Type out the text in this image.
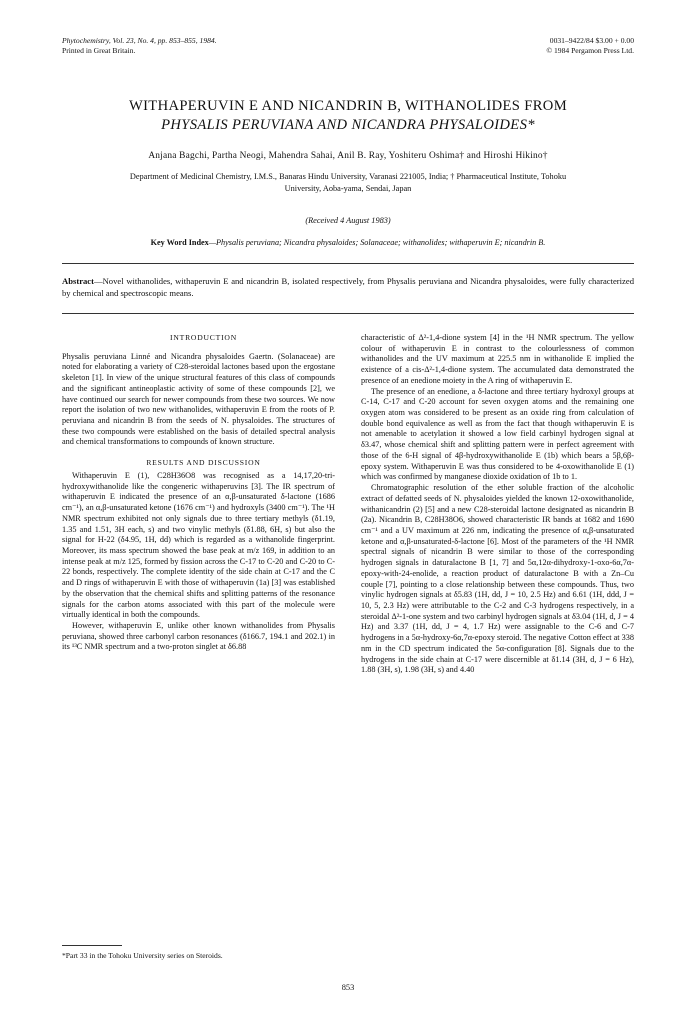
Phytochemistry, Vol. 23, No. 4, pp. 853–855, 1984.
Printed in Great Britain.
0031–9422/84 $3.00 + 0.00
© 1984 Pergamon Press Ltd.
WITHAPERUVIN E AND NICANDRIN B, WITHANOLIDES FROM
PHYSALIS PERUVIANA AND NICANDRA PHYSALOIDES*
Anjana Bagchi, Partha Neogi, Mahendra Sahai, Anil B. Ray, Yoshiteru Oshima† and Hiroshi Hikino†
Department of Medicinal Chemistry, I.M.S., Banaras Hindu University, Varanasi 221005, India; † Pharmaceutical Institute, Tohoku
University, Aoba-yama, Sendai, Japan
(Received 4 August 1983)
Key Word Index—Physalis peruviana; Nicandra physaloides; Solanaceae; withanolides; withaperuvin E; nicandrin B.
Abstract—Novel withanolides, withaperuvin E and nicandrin B, isolated respectively, from Physalis peruviana and Nicandra physaloides, were fully characterized by chemical and spectroscopic means.

INTRODUCTION

Physalis peruviana Linné and Nicandra physaloides Gaertn. (Solanaceae) are noted for elaborating a variety of C28-steroidal lactones based upon the ergostane skeleton [1]. In view of the unique structural features of this class of compounds and the significant antineoplastic activity of some of these compounds [2], we have continued our search for newer compounds from these two sources. We now report the isolation of two new withanolides, withaperuvin E from the roots of P. peruviana and nicandrin B from the seeds of N. physaloides. The structures of these two compounds were established on the basis of detailed spectral analysis and chemical transformations to compounds of known structure.

RESULTS AND DISCUSSION

Withaperuvin E (1), C28H36O8 was recognised as a 14,17,20-tri-hydroxywithanolide like the congeneric withaperuvins [3]. The IR spectrum of withaperuvin E indicated the presence of an α,β-unsaturated δ-lactone (1686 cm⁻¹), an α,β-unsaturated ketone (1676 cm⁻¹) and hydroxyls (3400 cm⁻¹). The ¹H NMR spectrum exhibited not only signals due to three tertiary methyls (δ1.19, 1.35 and 1.51, 3H each, s) and two vinylic methyls (δ1.88, 6H, s) but also the signal for H-22 (δ4.95, 1H, dd) which is regarded as a withanolide fingerprint. Moreover, its mass spectrum showed the base peak at m/z 169, in addition to an intense peak at m/z 125, formed by fission across the C-17 to C-20 and C-20 to C-22 bonds, respectively. The complete identity of the side chain at C-17 and the C and D rings of withaperuvin E with those of withaperuvin (1a) [3] was established by the observation that the chemical shifts and splitting patterns of the resonance signals for the carbon atoms associated with this part of the molecule were virtually identical in both the compounds.

However, withaperuvin E, unlike other known withanolides from Physalis peruviana, showed three carbonyl carbon resonances (δ166.7, 194.1 and 202.1) in its ¹³C NMR spectrum and a two-proton singlet at δ6.88

characteristic of Δ²-1,4-dione system [4] in the ¹H NMR spectrum. The yellow colour of withaperuvin E in contrast to the colourlessness of common withanolides and the UV maximum at 225.5 nm in withanolide E implied the existence of a cis-Δ²-1,4-dione system. The accumulated data demonstrated the presence of an enedione moiety in the A ring of withaperuvin E.

The presence of an enedione, a δ-lactone and three tertiary hydroxyl groups at C-14, C-17 and C-20 account for seven oxygen atoms and the remaining one oxygen atom was considered to be present as an oxide ring from calculation of double bond equivalence as well as from the fact that though withaperuvin E is not amenable to acetylation it showed a low field carbinyl hydrogen signal at δ3.47, whose chemical shift and splitting pattern were in perfect agreement with those of the 6-H signal of 4β-hydroxywithanolide E (1b) which bears a 5β,6β-epoxy system. Withaperuvin E was thus considered to be 4-oxowithanolide E (1) which was confirmed by manganese dioxide oxidation of 1b to 1.

Chromatographic resolution of the ether soluble fraction of the alcoholic extract of defatted seeds of N. physaloides yielded the known 12-oxowithanolide, withanicandrin (2) [5] and a new C28-steroidal lactone designated as nicandrin B (2a). Nicandrin B, C28H38O6, showed characteristic IR bands at 1682 and 1690 cm⁻¹ and a UV maximum at 226 nm, indicating the presence of α,β-unsaturated ketone and α,β-unsaturated-δ-lactone [6]. Most of the parameters of the ¹H NMR spectral signals of nicandrin B were similar to those of the corresponding hydrogen signals in daturalactone B [1, 7] and 5α,12α-dihydroxy-1-oxo-6α,7α-epoxy-with-24-enolide, a reaction product of daturalactone B with a Zn–Cu couple [7], pointing to a close relationship between these compounds. Thus, two vinylic hydrogen signals at δ5.83 (1H, dd, J = 10, 2.5 Hz) and 6.61 (1H, ddd, J = 10, 5, 2.3 Hz) were attributable to the C-2 and C-3 hydrogens respectively, in a steroidal Δ²-1-one system and two carbinyl hydrogen signals at δ3.04 (1H, d, J = 4 Hz) and 3.37 (1H, dd, J = 4, 1.7 Hz) were assignable to the C-6 and C-7 hydrogens in a 5α-hydroxy-6α,7α-epoxy steroid. The negative Cotton effect at 338 nm in the CD spectrum indicated the 5α-configuration [8]. Signals due to the hydrogens in the side chain at C-17 were discernible at δ1.14 (3H, d, J = 6 Hz), 1.88 (3H, s), 1.98 (3H, s) and 4.40

*Part 33 in the Tohoku University series on Steroids.
853
